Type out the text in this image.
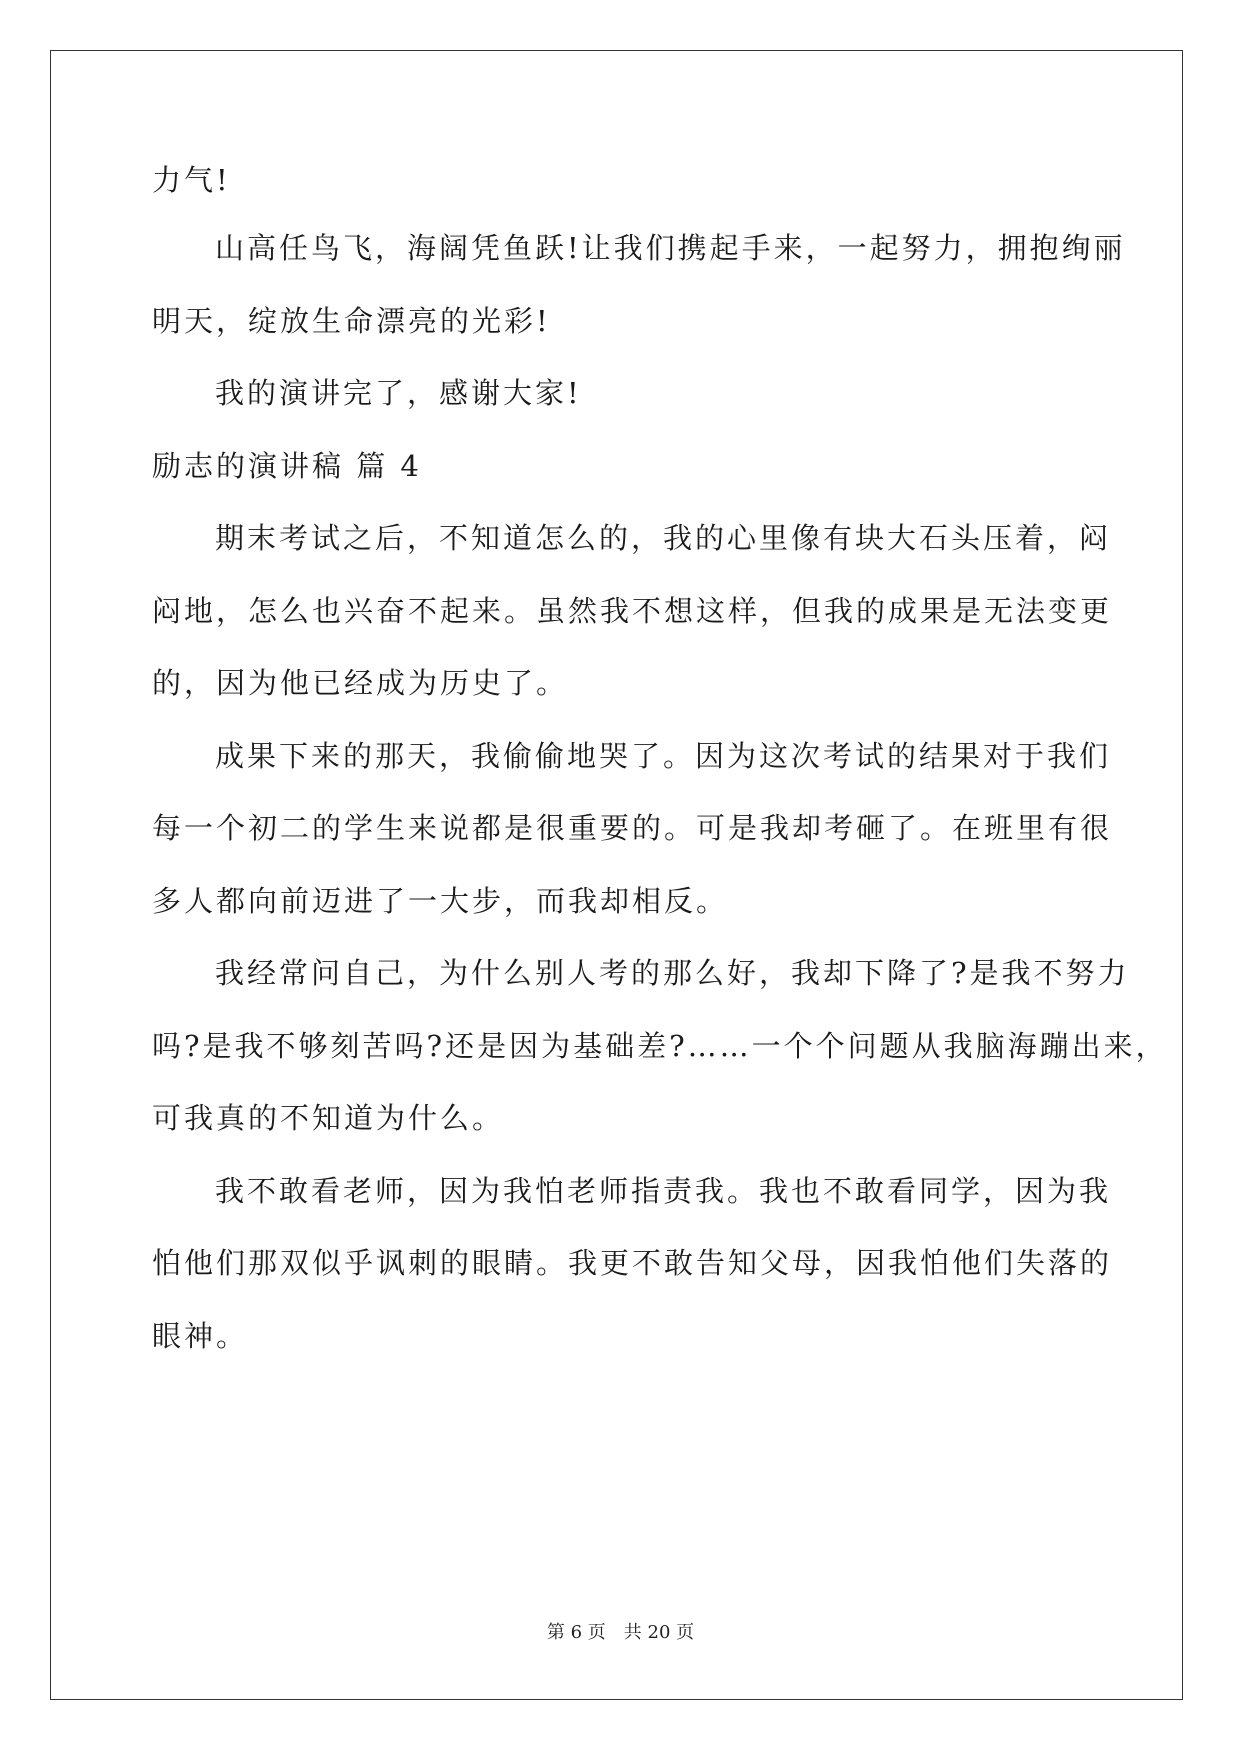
力气!
山高任鸟飞，海阔凭鱼跃!让我们携起手来，一起努力，拥抱绚丽
明天，绽放生命漂亮的光彩!
我的演讲完了，感谢大家!
励志的演讲稿 篇 4
期末考试之后，不知道怎么的，我的心里像有块大石头压着，闷
闷地，怎么也兴奋不起来。虽然我不想这样，但我的成果是无法变更
的，因为他已经成为历史了。
成果下来的那天，我偷偷地哭了。因为这次考试的结果对于我们
每一个初二的学生来说都是很重要的。可是我却考砸了。在班里有很
多人都向前迈进了一大步，而我却相反。
我经常问自己，为什么别人考的那么好，我却下降了?是我不努力
吗?是我不够刻苦吗?还是因为基础差?……一个个问题从我脑海蹦出来，
可我真的不知道为什么。
我不敢看老师，因为我怕老师指责我。我也不敢看同学，因为我
怕他们那双似乎讽刺的眼睛。我更不敢告知父母，因我怕他们失落的
眼神。
第 6 页　共 20 页
